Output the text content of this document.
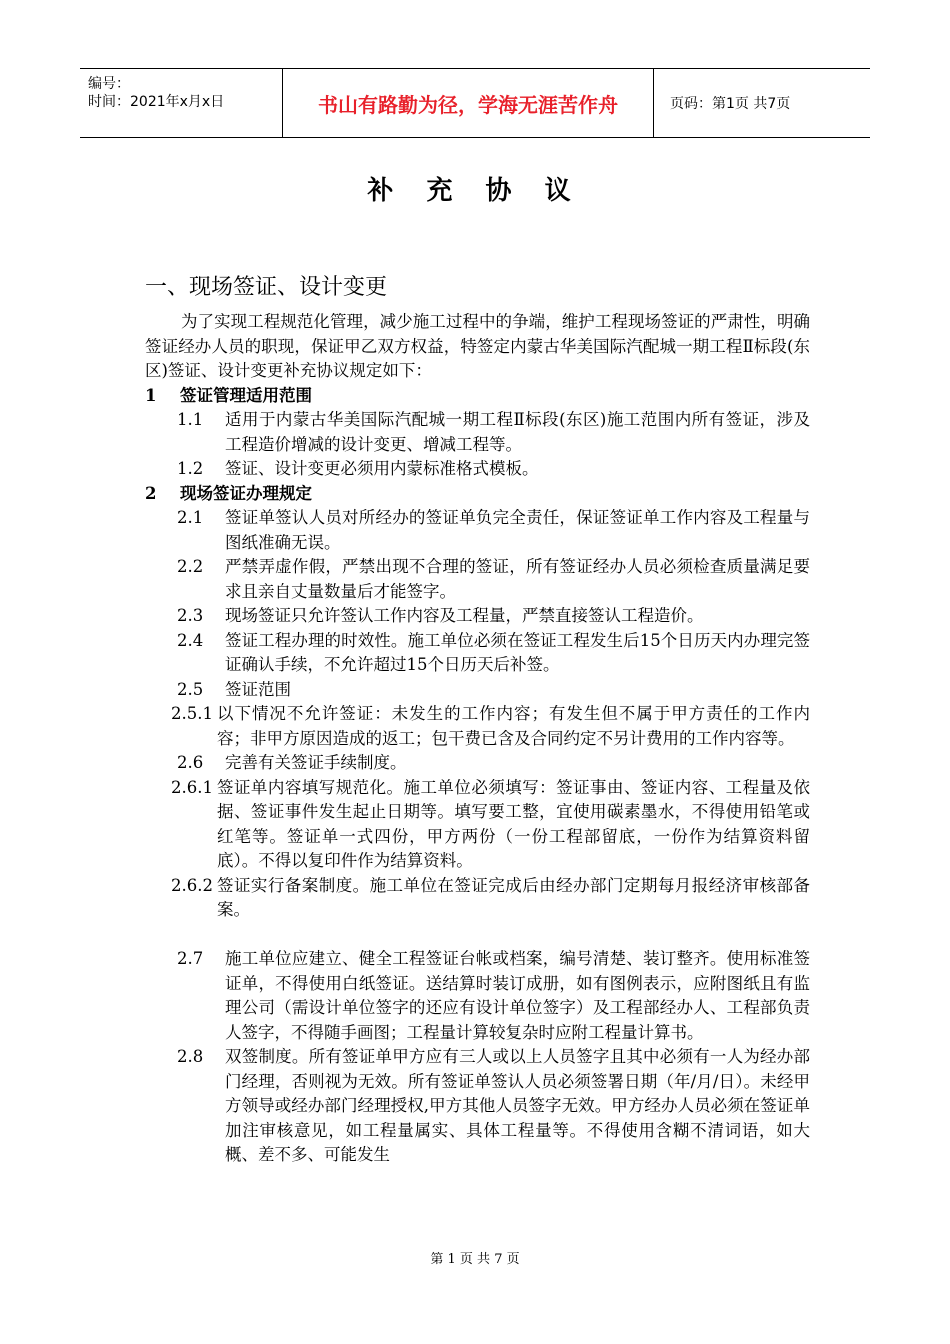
编号：
时间：2021年x月x日	书山有路勤为径，学海无涯苦作舟	页码：第1页 共7页
补 充 协 议
一、现场签证、设计变更
为了实现工程规范化管理，减少施工过程中的争端，维护工程现场签证的严肃性，明确签证经办人员的职现，保证甲乙双方权益，特签定内蒙古华美国际汽配城一期工程Ⅱ标段(东区)签证、设计变更补充协议规定如下：
1	签证管理适用范围
1.1	适用于内蒙古华美国际汽配城一期工程Ⅱ标段(东区)施工范围内所有签证，涉及工程造价增减的设计变更、增减工程等。
1.2	签证、设计变更必须用内蒙标准格式模板。
2	现场签证办理规定
2.1	签证单签认人员对所经办的签证单负完全责任，保证签证单工作内容及工程量与图纸准确无误。
2.2	严禁弄虚作假，严禁出现不合理的签证，所有签证经办人员必须检查质量满足要求且亲自丈量数量后才能签字。
2.3	现场签证只允许签认工作内容及工程量，严禁直接签认工程造价。
2.4	签证工程办理的时效性。施工单位必须在签证工程发生后15个日历天内办理完签证确认手续，不允许超过15个日历天后补签。
2.5	签证范围
2.5.1 以下情况不允许签证：未发生的工作内容；有发生但不属于甲方责任的工作内容；非甲方原因造成的返工；包干费已含及合同约定不另计费用的工作内容等。
2.6	完善有关签证手续制度。
2.6.1 签证单内容填写规范化。施工单位必须填写：签证事由、签证内容、工程量及依据、签证事件发生起止日期等。填写要工整，宜使用碳素墨水，不得使用铅笔或红笔等。签证单一式四份，甲方两份（一份工程部留底，一份作为结算资料留底）。不得以复印件作为结算资料。
2.6.2 签证实行备案制度。施工单位在签证完成后由经办部门定期每月报经济审核部备案。
2.7	施工单位应建立、健全工程签证台帐或档案，编号清楚、装订整齐。使用标准签证单，不得使用白纸签证。送结算时装订成册，如有图例表示，应附图纸且有监理公司（需设计单位签字的还应有设计单位签字）及工程部经办人、工程部负责人签字，不得随手画图；工程量计算较复杂时应附工程量计算书。
2.8	双签制度。所有签证单甲方应有三人或以上人员签字且其中必须有一人为经办部门经理，否则视为无效。所有签证单签认人员必须签署日期（年/月/日）。未经甲方领导或经办部门经理授权,甲方其他人员签字无效。甲方经办人员必须在签证单加注审核意见，如工程量属实、具体工程量等。不得使用含糊不清词语，如大概、差不多、可能发生
第 1 页 共 7 页
